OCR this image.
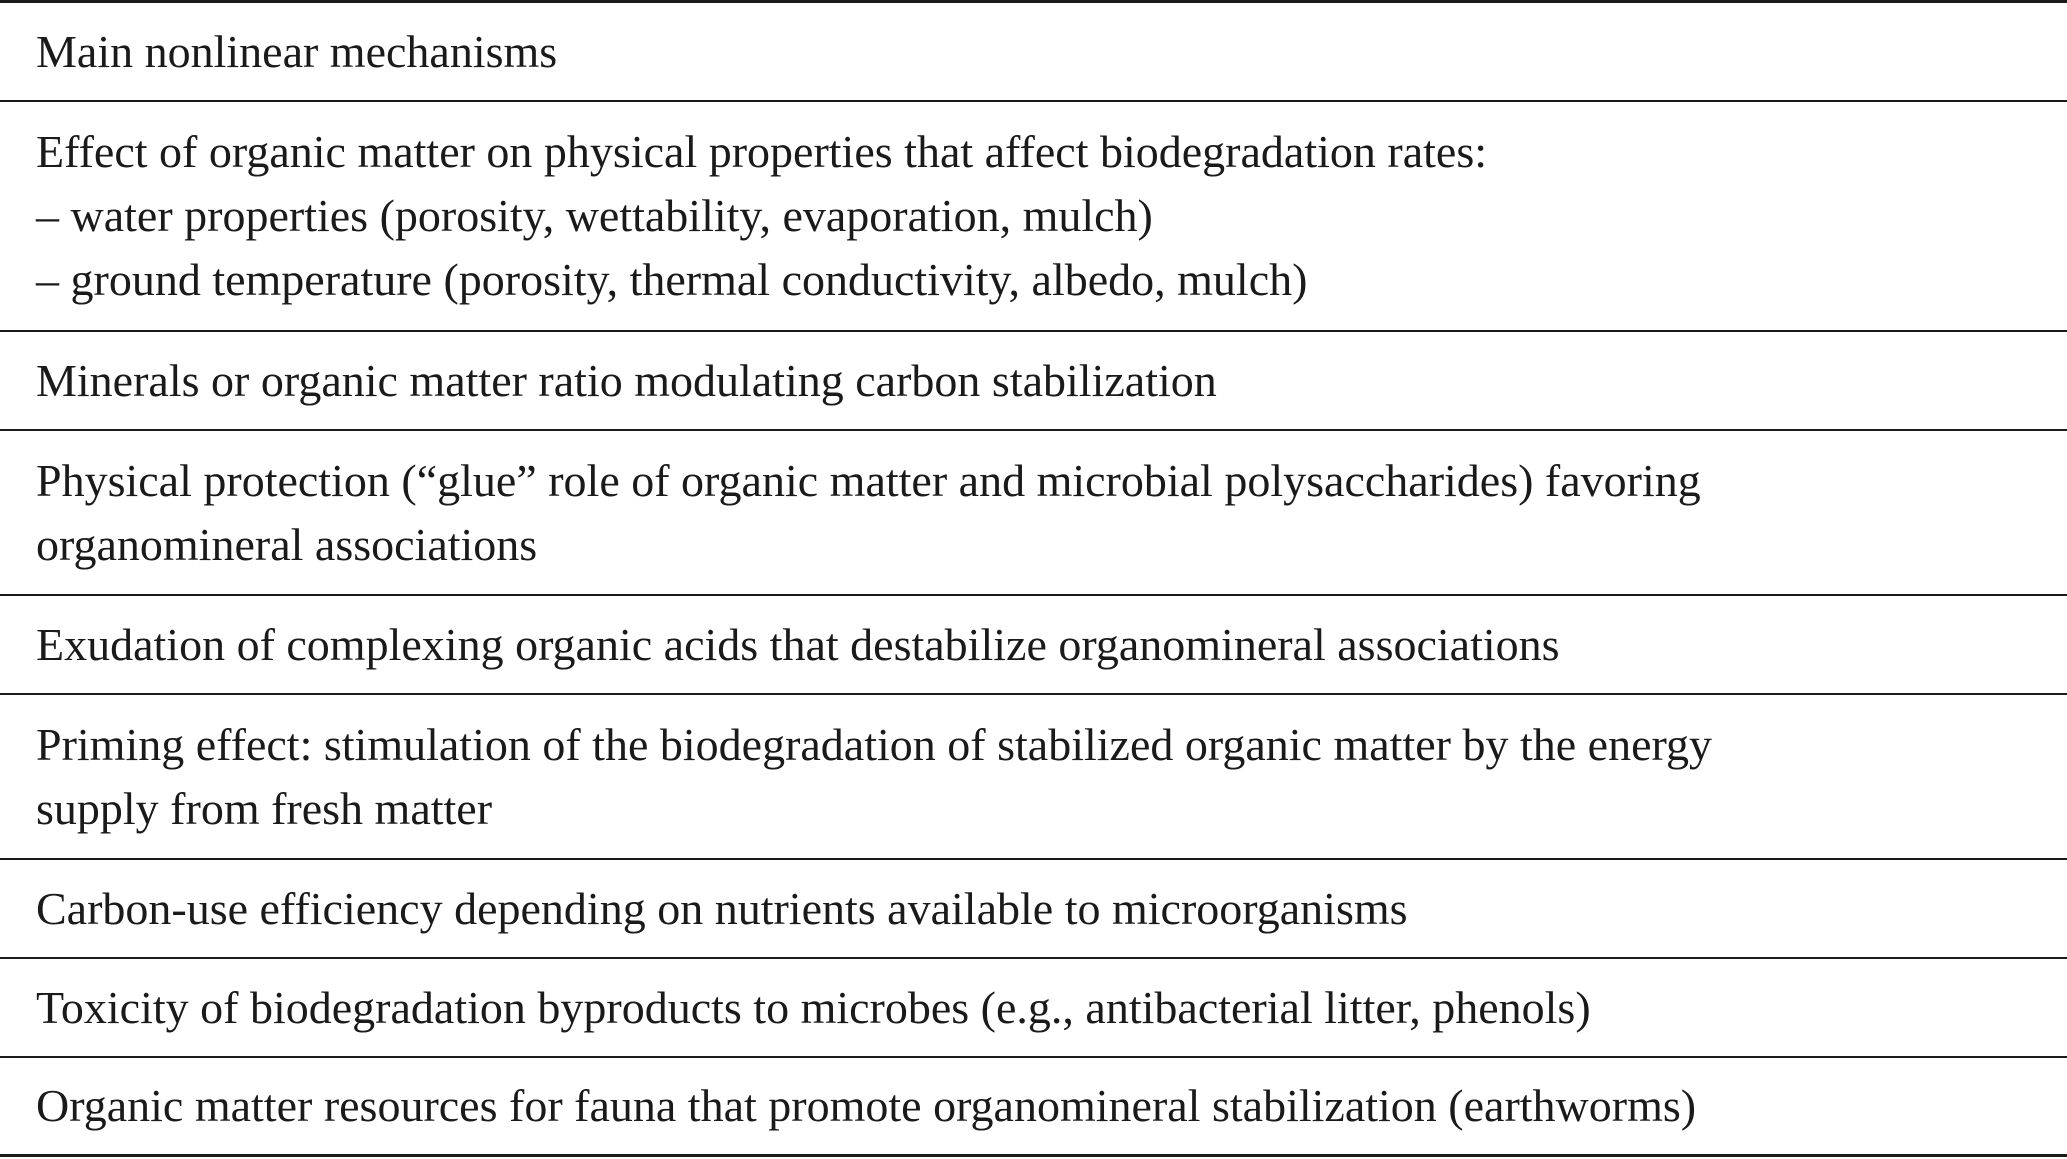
Main nonlinear mechanisms
Effect of organic matter on physical properties that affect biodegradation rates:
– water properties (porosity, wettability, evaporation, mulch)
– ground temperature (porosity, thermal conductivity, albedo, mulch)
Minerals or organic matter ratio modulating carbon stabilization
Physical protection (“glue” role of organic matter and microbial polysaccharides) favoring
organomineral associations
Exudation of complexing organic acids that destabilize organomineral associations
Priming effect: stimulation of the biodegradation of stabilized organic matter by the energy
supply from fresh matter
Carbon-use efficiency depending on nutrients available to microorganisms
Toxicity of biodegradation byproducts to microbes (e.g., antibacterial litter, phenols)
Organic matter resources for fauna that promote organomineral stabilization (earthworms)
